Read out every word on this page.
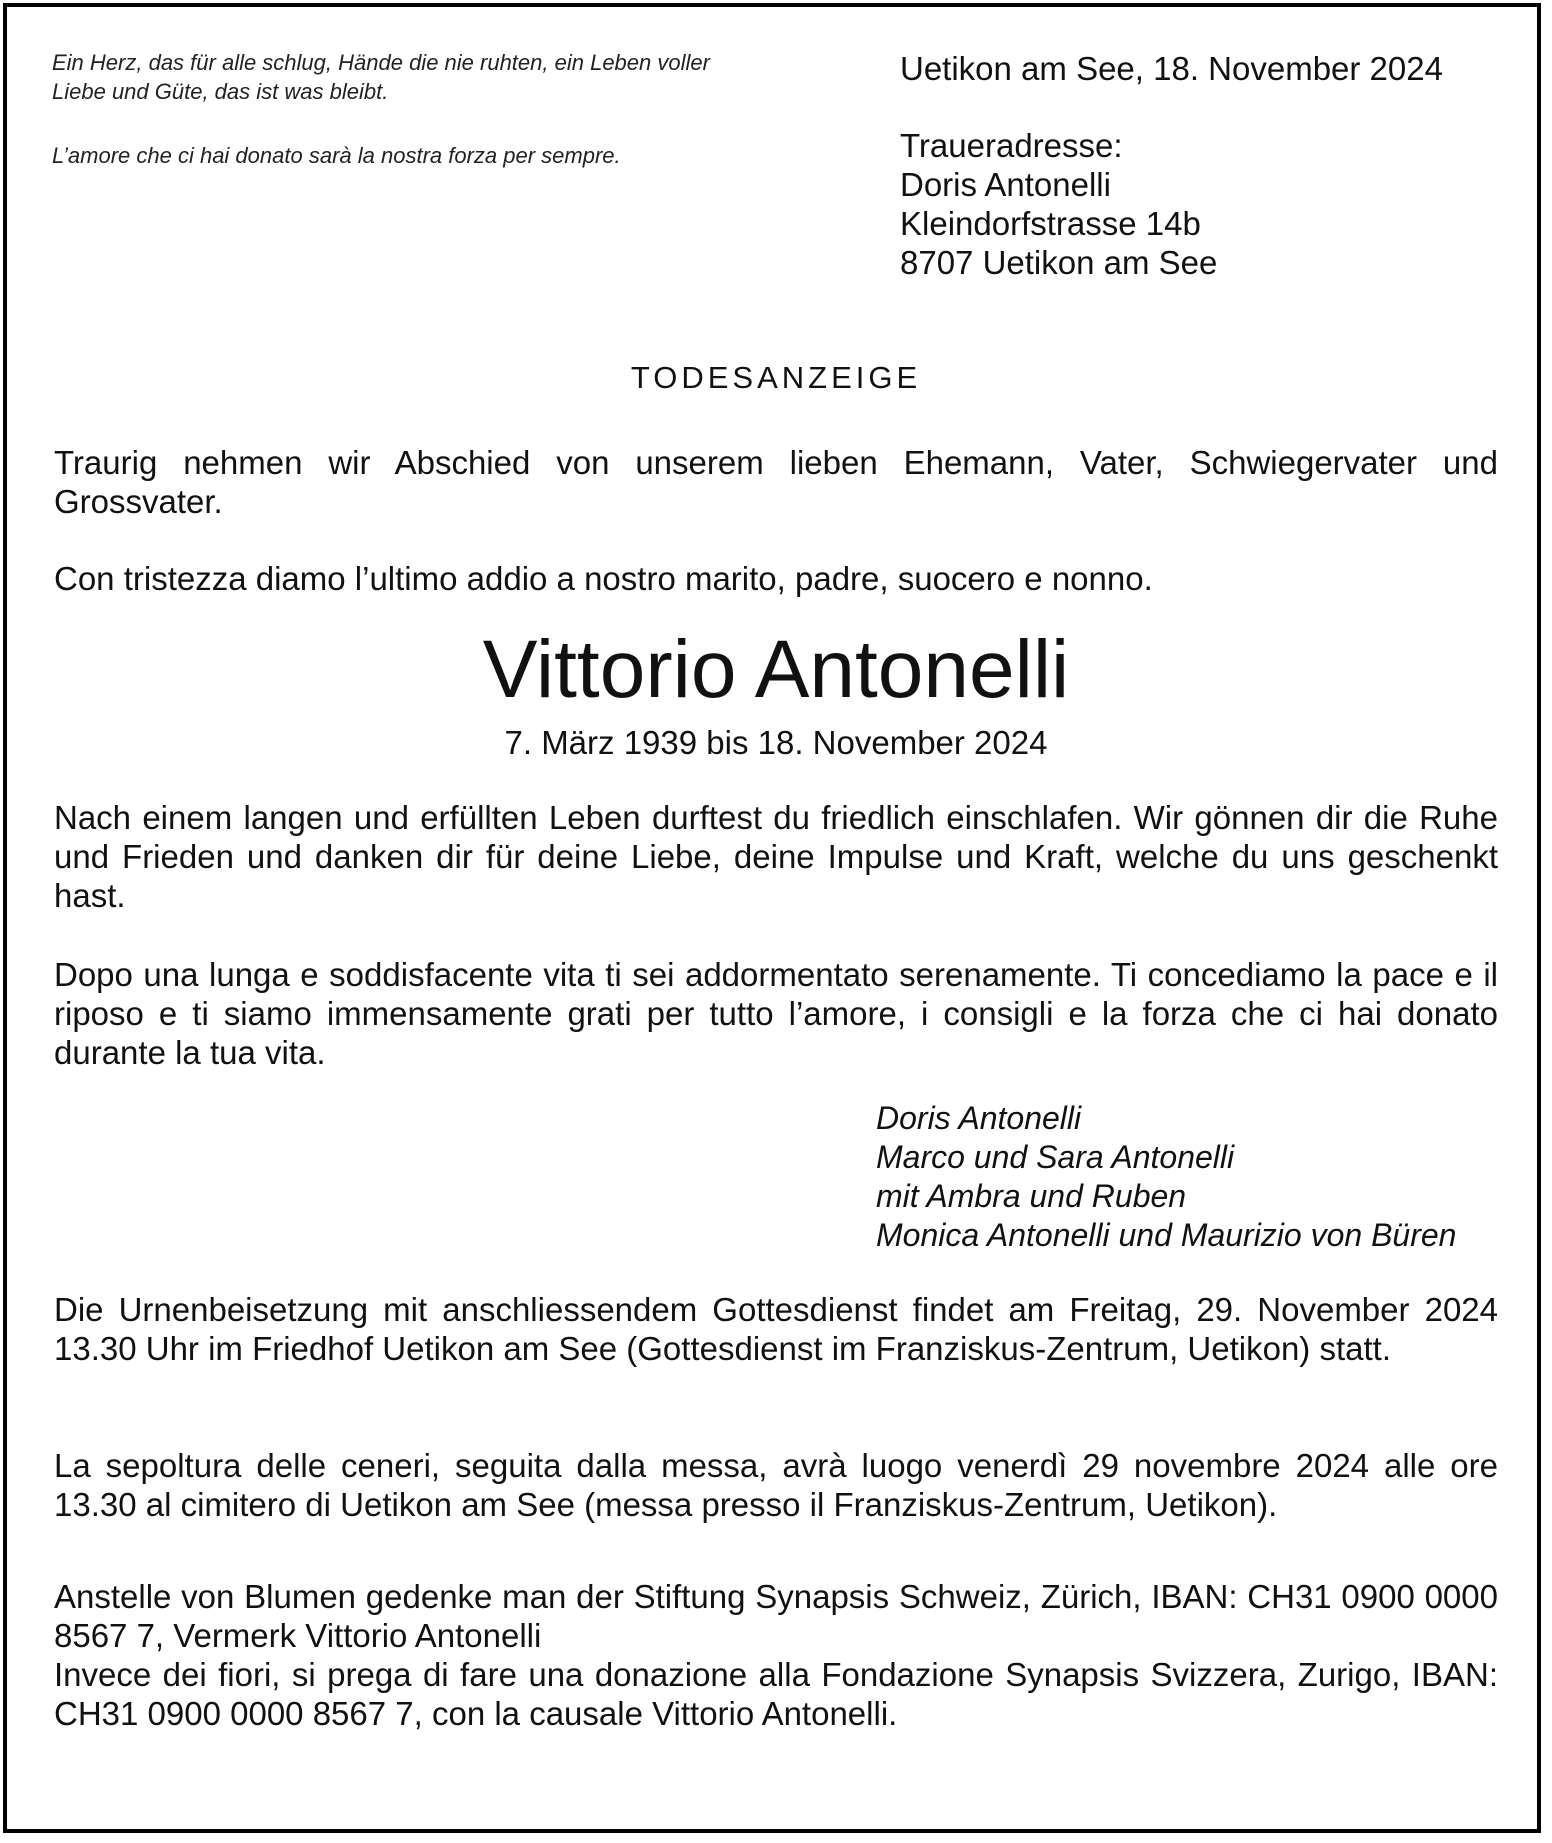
Ein Herz, das für alle schlug, Hände die nie ruhten, ein Leben voller Liebe und Güte, das ist was bleibt.

L’amore che ci hai donato sarà la nostra forza per sempre.

Uetikon am See, 18. November 2024
Traueradresse:
Doris Antonelli
Kleindorfstrasse 14b
8707 Uetikon am See
TODESANZEIGE

Traurig nehmen wir Abschied von unserem lieben Ehemann, Vater, Schwiegervater und Grossvater.

Con tristezza diamo l’ultimo addio a nostro marito, padre, suocero e nonno.

Vittorio Antonelli
7. März 1939 bis 18. November 2024

Nach einem langen und erfüllten Leben durftest du friedlich einschlafen. Wir gönnen dir die Ruhe und Frieden und danken dir für deine Liebe, deine Impulse und Kraft, welche du uns geschenkt hast.

Dopo una lunga e soddisfacente vita ti sei addormentato serenamente. Ti concediamo la pace e il riposo e ti siamo immensamente grati per tutto l’amore, i consigli e la forza che ci hai donato durante la tua vita.

Doris Antonelli
Marco und Sara Antonelli
mit Ambra und Ruben
Monica Antonelli und Maurizio von Büren

Die Urnenbeisetzung mit anschliessendem Gottesdienst findet am Freitag, 29. November 2024 13.30 Uhr im Friedhof Uetikon am See (Gottesdienst im Franziskus-Zentrum, Uetikon) statt.

La sepoltura delle ceneri, seguita dalla messa, avrà luogo venerdì 29 novembre 2024 alle ore 13.30 al cimitero di Uetikon am See (messa presso il Franziskus-Zentrum, Uetikon).

Anstelle von Blumen gedenke man der Stiftung Synapsis Schweiz, Zürich, IBAN: CH31 0900 0000 8567 7, Vermerk Vittorio Antonelli

Invece dei fiori, si prega di fare una donazione alla Fondazione Synapsis Svizzera, Zurigo, IBAN: CH31 0900 0000 8567 7, con la causale Vittorio Antonelli.
